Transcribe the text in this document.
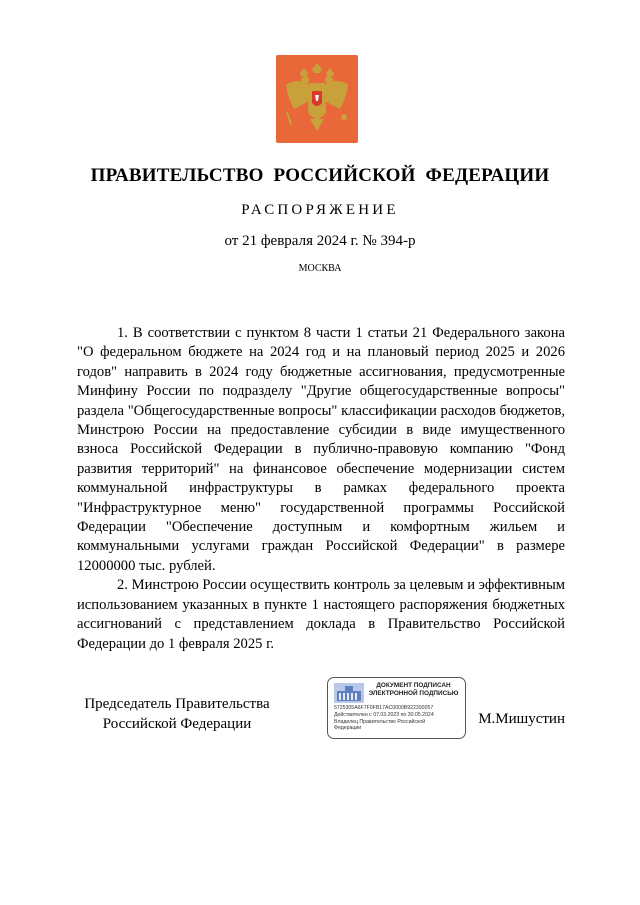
ПРАВИТЕЛЬСТВО РОССИЙСКОЙ ФЕДЕРАЦИИ
РАСПОРЯЖЕНИЕ
от 21 февраля 2024 г. № 394-р
МОСКВА

1. В соответствии с пунктом 8 части 1 статьи 21 Федерального закона "О федеральном бюджете на 2024 год и на плановый период 2025 и 2026 годов" направить в 2024 году бюджетные ассигнования, предусмотренные Минфину России по подразделу "Другие общегосударственные вопросы" раздела "Общегосударственные вопросы" классификации расходов бюджетов, Минстрою России на предоставление субсидии в виде имущественного взноса Российской Федерации в публично-правовую компанию "Фонд развития территорий" на финансовое обеспечение модернизации систем коммунальной инфраструктуры в рамках федерального проекта "Инфраструктурное меню" государственной программы Российской Федерации "Обеспечение доступным и комфортным жильем и коммунальными услугами граждан Российской Федерации" в размере 12000000 тыс. рублей.

2. Минстрою России осуществить контроль за целевым и эффективным использованием указанных в пункте 1 настоящего распоряжения бюджетных ассигнований с представлением доклада в Правительство Российской Федерации до 1 февраля 2025 г.

Председатель Правительства
Российской Федерации
ДОКУМЕНТ ПОДПИСАН
ЭЛЕКТРОННОЙ ПОДПИСЬЮ
5725305A6F7F0FB17AC0000B922300057
Действителен с 07.03.2023 по 30.05.2024
Владелец Правительство Российской
Федерации
М.Мишустин
